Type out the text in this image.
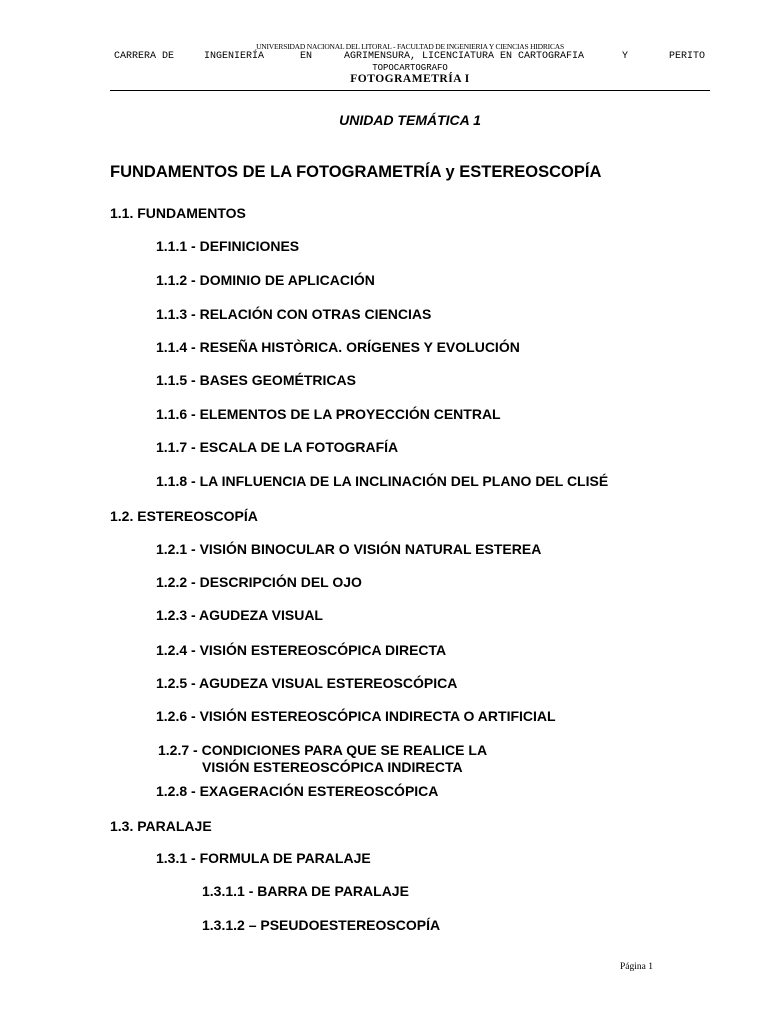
UNIVERSIDAD NACIONAL DEL LITORAL - FACULTAD DE INGENIERIA Y CIENCIAS HIDRICAS
CARRERA DE	INGENIERÍA	EN	AGRIMENSURA, LICENCIATURA EN CARTOGRAFIA	Y	PERITO
TOPOCARTOGRAFO
FOTOGRAMETRÍA I
UNIDAD TEMÁTICA 1
FUNDAMENTOS DE LA FOTOGRAMETRÍA y ESTEREOSCOPÍA
1.1. FUNDAMENTOS
1.1.1 - DEFINICIONES
1.1.2 - DOMINIO DE APLICACIÓN
1.1.3 - RELACIÓN CON OTRAS CIENCIAS
1.1.4 - RESEÑA HISTÒRICA. ORÍGENES Y EVOLUCIÓN
1.1.5 - BASES GEOMÉTRICAS
1.1.6 - ELEMENTOS DE LA PROYECCIÓN CENTRAL
1.1.7 - ESCALA DE LA FOTOGRAFÍA
1.1.8 - LA INFLUENCIA DE LA INCLINACIÓN DEL PLANO DEL CLISÉ
1.2. ESTEREOSCOPÍA
1.2.1 - VISIÓN BINOCULAR O VISIÓN NATURAL ESTEREA
1.2.2 - DESCRIPCIÓN DEL OJO
1.2.3 - AGUDEZA VISUAL
1.2.4 - VISIÓN ESTEREOSCÓPICA DIRECTA
1.2.5 - AGUDEZA VISUAL ESTEREOSCÓPICA
1.2.6 - VISIÓN ESTEREOSCÓPICA INDIRECTA O ARTIFICIAL
1.2.7 - CONDICIONES PARA QUE SE REALICE LA
VISIÓN ESTEREOSCÓPICA INDIRECTA
1.2.8 - EXAGERACIÓN ESTEREOSCÓPICA
1.3. PARALAJE
1.3.1 - FORMULA DE PARALAJE
1.3.1.1 - BARRA DE PARALAJE
1.3.1.2 – PSEUDOESTEREOSCOPÍA
Página 1
